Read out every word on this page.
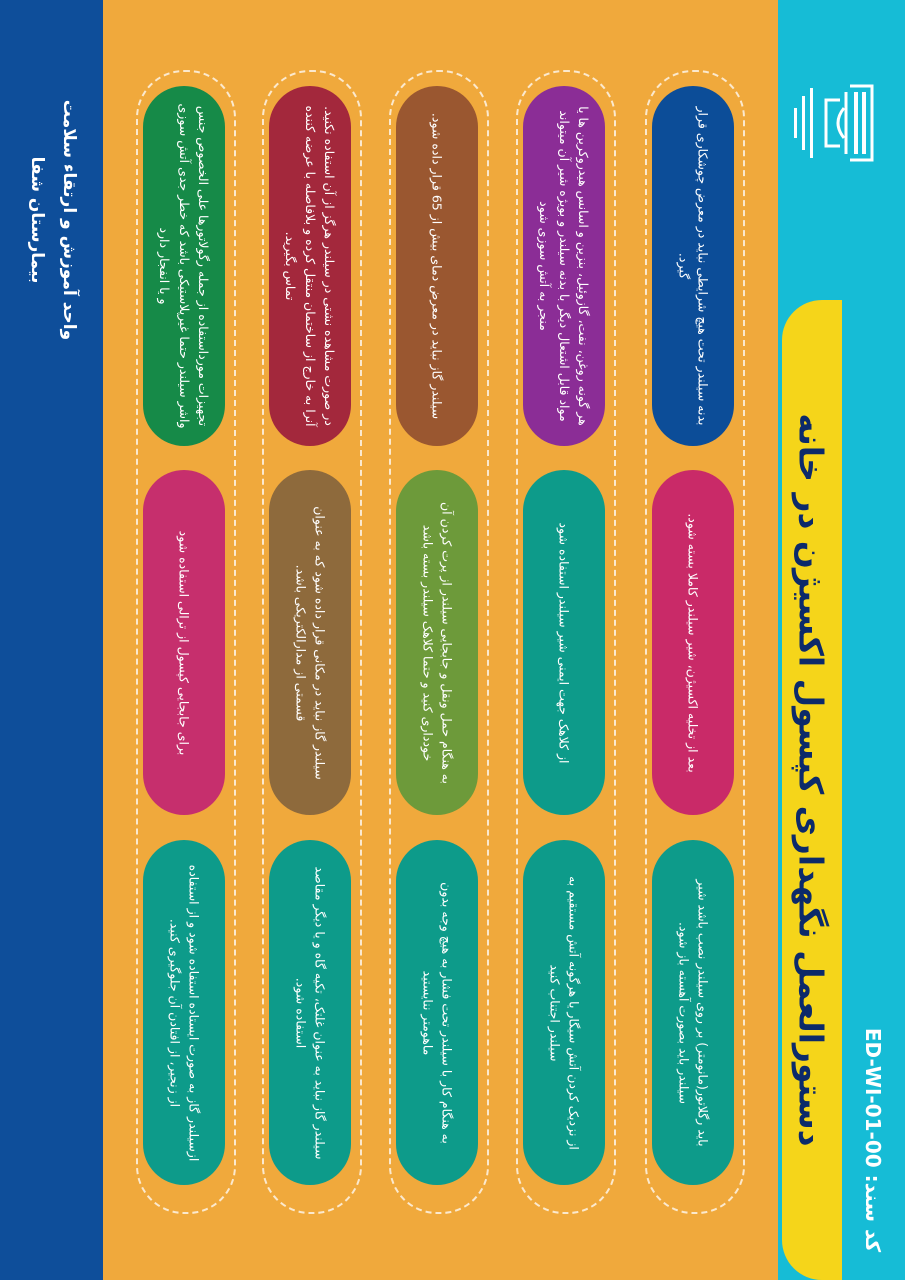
واحد آموزش و ارتقاء سلامت
بیمارستان شفا
دستورالعمل نگهداری کپسول اکسیژن در خانه کد سند: ED-WI-01-00
بدنه سیلندر تحت هیچ شرایطی نباید در معرض چوشکاری قرار گیرد.
هر گونه روغن، نفت، گازوئیل، بنزین و اسانس هیدروکربن ها یا مواد قابل اشتعال دیگر با بدنه سیلندر و بویژه شیر آن میتواند منجر به آتش سوزی شود
سیلندر گاز نباید در معرض دمای بیش از 65 قرار داده شود.
در صورت مشاهده نشتی در سیلندر هرگز از آن استفاده نکنید. آنرا به خارج از ساختمان منتقل کرده و بلافاصله با عرضه کننده تماس بگیرید.
تجهیزات مورداستفاده از جمله رگولاتورها علی الخصوص جنس واشر سیلندر حتما غیرپلاستیکی باشد که خطر جدی آتش سوزی و یا انفجار دارد
بعد از تخلیه اکسیژن، شیر سیلندر کاملا بسته شود.
از کلاهک جهت ایمنی شیر سیلندر استفاده شود
به هنگام حمل ونقل و جابجایی سیلندر از پرت کردن آن خودداری کنید و حتما کلاهک سیلندر بسته باشد
سیلندر گاز نباید در مکانی قرار داده شود که به عنوان قسمتی از مدارالکتریکی باشد.
برای جابجایی کپسول از ترالی استفاده شود
باید رگلاتور(مانومتر) بر روی سیلندر نصب باشد شیر سیلندر باید بصورت آهسته باز شود.
از نزدیک کردن آتش سیگار یا هرگونه آتش مستقیم به سیلندر اجتناب کنید
به هنگام کار با سیلندر تحت فشار به هیچ وجه بدون ماهومتر ننایستید
سیلندر گاز نباید به عنوان غلتک، تکیه گاه و یا دیگر مقاصد استفاده شود.
ازسیلندر گاز به صورت ایستاده استفاده شود و از استفاده از زنجیر، از افتادن آن جلوگیری کنید.
